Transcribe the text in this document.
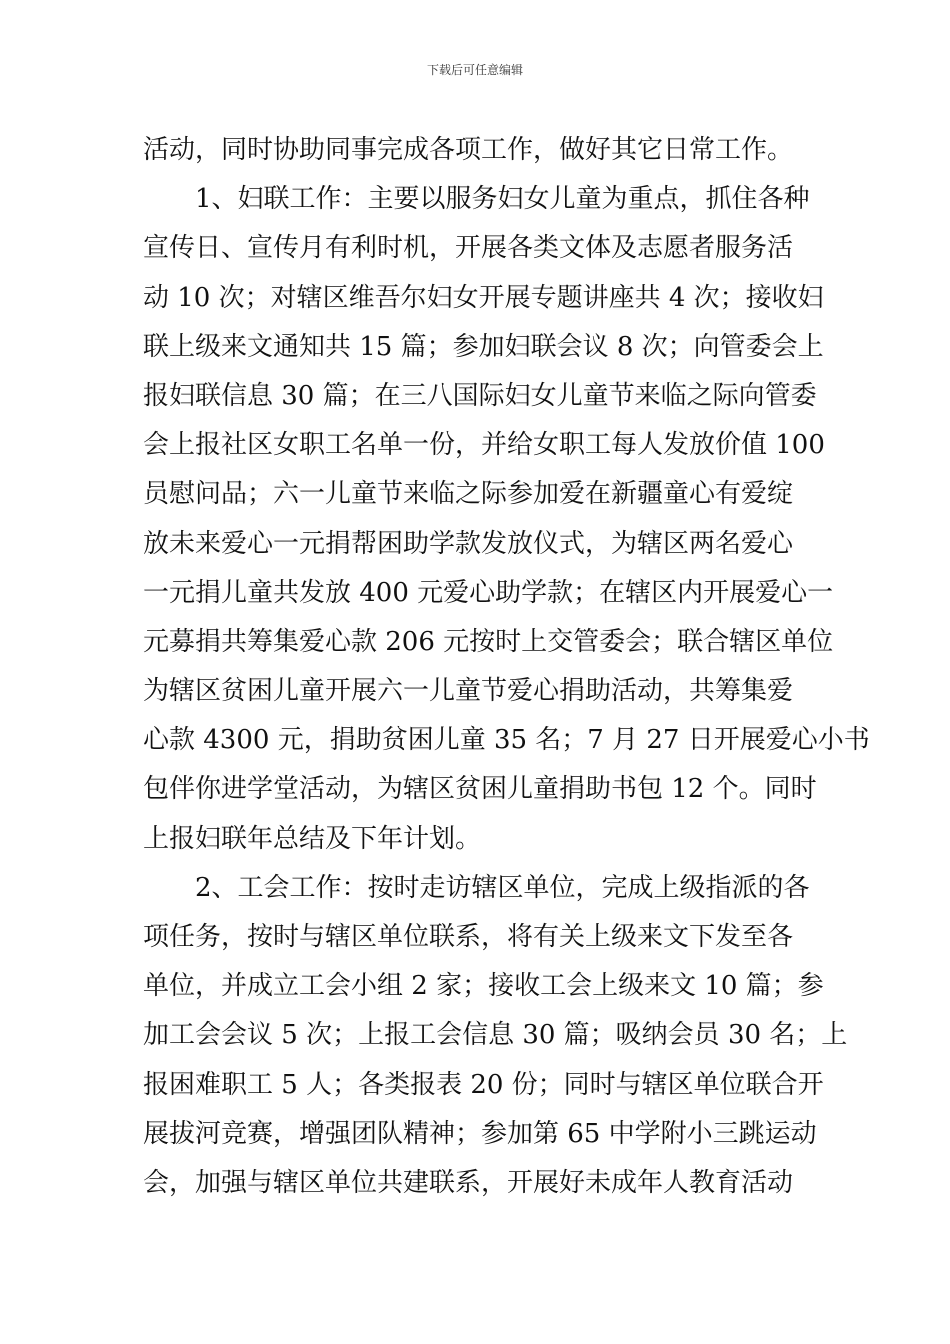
下载后可任意编辑
活动，同时协助同事完成各项工作，做好其它日常工作。
　　1、妇联工作：主要以服务妇女儿童为重点，抓住各种
宣传日、宣传月有利时机，开展各类文体及志愿者服务活
动 10 次；对辖区维吾尔妇女开展专题讲座共 4 次；接收妇
联上级来文通知共 15 篇；参加妇联会议 8 次；向管委会上
报妇联信息 30 篇；在三八国际妇女儿童节来临之际向管委
会上报社区女职工名单一份，并给女职工每人发放价值 100
员慰问品；六一儿童节来临之际参加爱在新疆童心有爱绽
放未来爱心一元捐帮困助学款发放仪式，为辖区两名爱心
一元捐儿童共发放 400 元爱心助学款；在辖区内开展爱心一
元募捐共筹集爱心款 206 元按时上交管委会；联合辖区单位
为辖区贫困儿童开展六一儿童节爱心捐助活动，共筹集爱
心款 4300 元，捐助贫困儿童 35 名；7 月 27 日开展爱心小书
包伴你进学堂活动，为辖区贫困儿童捐助书包 12 个。同时
上报妇联年总结及下年计划。
　　2、工会工作：按时走访辖区单位，完成上级指派的各
项任务，按时与辖区单位联系，将有关上级来文下发至各
单位，并成立工会小组 2 家；接收工会上级来文 10 篇；参
加工会会议 5 次；上报工会信息 30 篇；吸纳会员 30 名；上
报困难职工 5 人；各类报表 20 份；同时与辖区单位联合开
展拔河竞赛，增强团队精神；参加第 65 中学附小三跳运动
会，加强与辖区单位共建联系，开展好未成年人教育活动
